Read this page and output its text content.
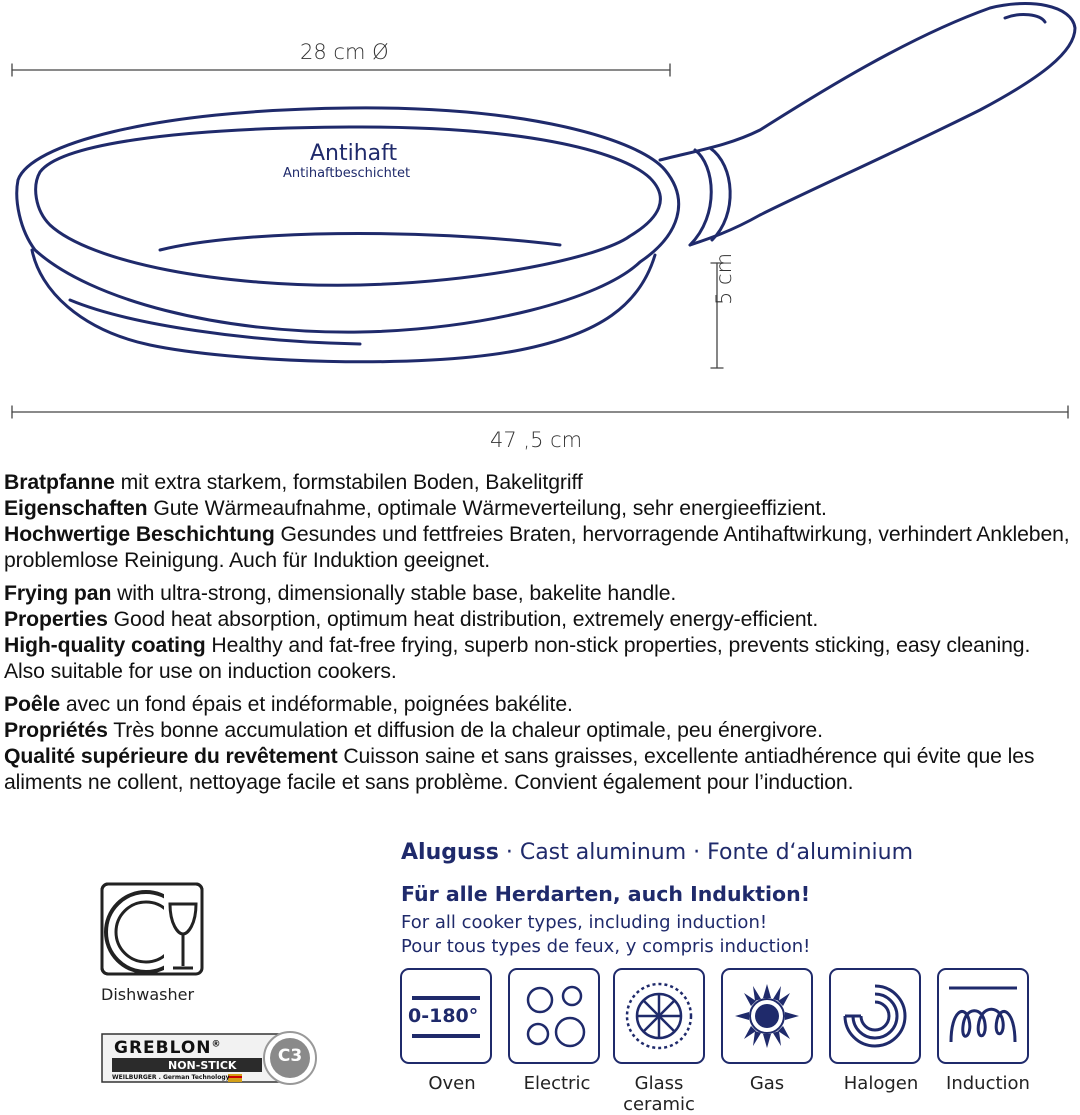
28 cm Ø
Antihaft
Antihaftbeschichtet
5 cm
47 ,5 cm

Bratpfanne mit extra starkem, formstabilen Boden, Bakelitgriff
Eigenschaften Gute Wärmeaufnahme, optimale Wärmeverteilung, sehr energieeffizient.
Hochwertige Beschichtung Gesundes und fettfreies Braten, hervorragende Antihaftwirkung, verhindert Ankleben, problemlose Reinigung. Auch für Induktion geeignet.

Frying pan with ultra-strong, dimensionally stable base, bakelite handle.
Properties Good heat absorption, optimum heat distribution, extremely energy-efficient.
High-quality coating Healthy and fat-free frying, superb non-stick properties, prevents sticking, easy cleaning. Also suitable for use on induction cookers.

Poêle avec un fond épais et indéformable, poignées bakélite.
Propriétés Très bonne accumulation et diffusion de la chaleur optimale, peu énergivore.
Qualité supérieure du revêtement Cuisson saine et sans graisses, excellente antiadhérence qui évite que les aliments ne collent, nettoyage facile et sans problème. Convient également pour l’induction.

Aluguss · Cast aluminum · Fonte d‘aluminium
Für alle Herdarten, auch Induktion!
For all cooker types, including induction!
Pour tous types de feux, y compris induction!
Dishwasher
GREBLON®
NON-STICK
WEILBURGER . German Technology
C3
0-180°
Oven	Electric	Glass ceramic
Gas	Halogen	Induction
